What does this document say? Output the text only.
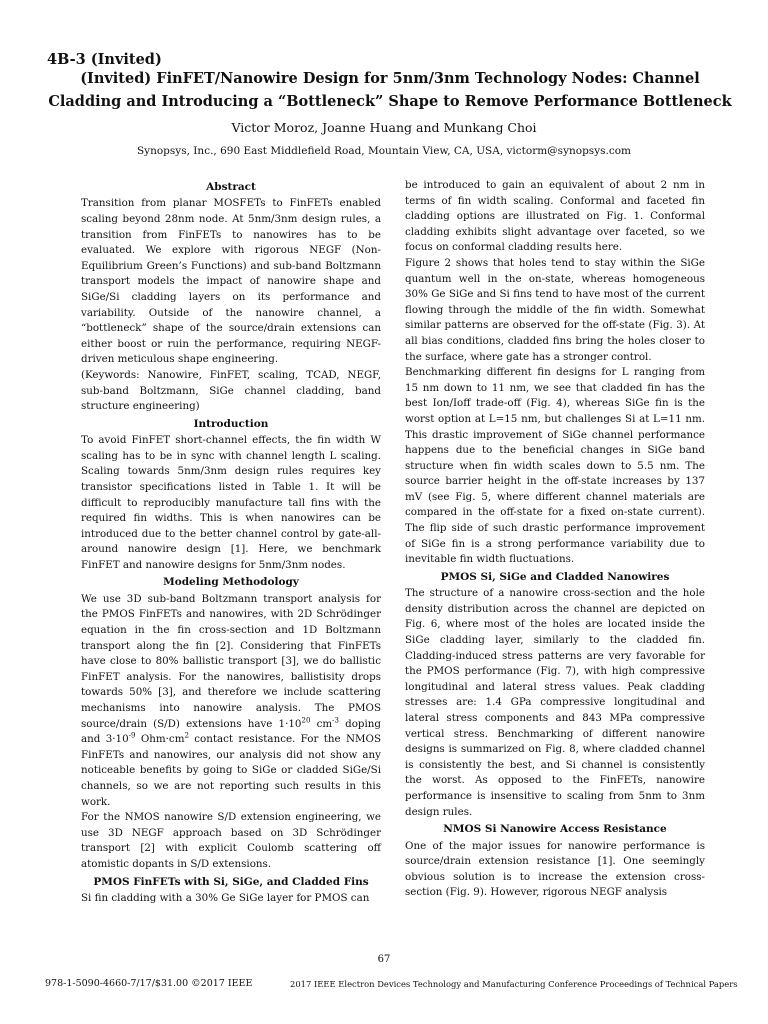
4B-3 (Invited)
(Invited) FinFET/Nanowire Design for 5nm/3nm Technology Nodes: Channel
Cladding and Introducing a “Bottleneck” Shape to Remove Performance Bottleneck
Victor Moroz, Joanne Huang and Munkang Choi
Synopsys, Inc., 690 East Middlefield Road, Mountain View, CA, USA, victorm@synopsys.com
Abstract

Transition from planar MOSFETs to FinFETs enabled scaling beyond 28nm node. At 5nm/3nm design rules, a transition from FinFETs to nanowires has to be evaluated. We explore with rigorous NEGF (Non-Equilibrium Green’s Functions) and sub-band Boltzmann transport models the impact of nanowire shape and SiGe/Si cladding layers on its performance and variability. Outside of the nanowire channel, a “bottleneck” shape of the source/drain extensions can either boost or ruin the performance, requiring NEGF-driven meticulous shape engineering.

(Keywords: Nanowire, FinFET, scaling, TCAD, NEGF, sub-band Boltzmann, SiGe channel cladding, band structure engineering)

Introduction

To avoid FinFET short-channel effects, the fin width W scaling has to be in sync with channel length L scaling. Scaling towards 5nm/3nm design rules requires key transistor specifications listed in Table 1. It will be difficult to reproducibly manufacture tall fins with the required fin widths. This is when nanowires can be introduced due to the better channel control by gate-all-around nanowire design [1]. Here, we benchmark FinFET and nanowire designs for 5nm/3nm nodes.

Modeling Methodology

We use 3D sub-band Boltzmann transport analysis for the PMOS FinFETs and nanowires, with 2D Schrödinger equation in the fin cross-section and 1D Boltzmann transport along the fin [2]. Considering that FinFETs have close to 80% ballistic transport [3], we do ballistic FinFET analysis. For the nanowires, ballistisity drops towards 50% [3], and therefore we include scattering mechanisms into nanowire analysis. The PMOS source/drain (S/D) extensions have $1\cdot 10^{20}$ $cm^{-3}$ doping and $3\cdot 10^{-9}$ $Ohm\cdot cm^2$ contact resistance. For the NMOS FinFETs and nanowires, our analysis did not show any noticeable benefits by going to SiGe or cladded SiGe/Si channels, so we are not reporting such results in this work.

For the NMOS nanowire S/D extension engineering, we use 3D NEGF approach based on 3D Schrödinger transport [2] with explicit Coulomb scattering off atomistic dopants in S/D extensions.

PMOS FinFETs with Si, SiGe, and Cladded Fins

Si fin cladding with a 30% Ge SiGe layer for PMOS can

be introduced to gain an equivalent of about 2 nm in terms of fin width scaling. Conformal and faceted fin cladding options are illustrated on Fig. 1. Conformal cladding exhibits slight advantage over faceted, so we focus on conformal cladding results here.

Figure 2 shows that holes tend to stay within the SiGe quantum well in the on-state, whereas homogeneous 30% Ge SiGe and Si fins tend to have most of the current flowing through the middle of the fin width. Somewhat similar patterns are observed for the off-state (Fig. 3). At all bias conditions, cladded fins bring the holes closer to the surface, where gate has a stronger control.

Benchmarking different fin designs for L ranging from 15 nm down to 11 nm, we see that cladded fin has the best Ion/Ioff trade-off (Fig. 4), whereas SiGe fin is the worst option at L=15 nm, but challenges Si at L=11 nm. This drastic improvement of SiGe channel performance happens due to the beneficial changes in SiGe band structure when fin width scales down to 5.5 nm. The source barrier height in the off-state increases by 137 mV (see Fig. 5, where different channel materials are compared in the off-state for a fixed on-state current). The flip side of such drastic performance improvement of SiGe fin is a strong performance variability due to inevitable fin width fluctuations.

PMOS Si, SiGe and Cladded Nanowires

The structure of a nanowire cross-section and the hole density distribution across the channel are depicted on Fig. 6, where most of the holes are located inside the SiGe cladding layer, similarly to the cladded fin. Cladding-induced stress patterns are very favorable for the PMOS performance (Fig. 7), with high compressive longitudinal and lateral stress values. Peak cladding stresses are: 1.4 GPa compressive longitudinal and lateral stress components and 843 MPa compressive vertical stress. Benchmarking of different nanowire designs is summarized on Fig. 8, where cladded channel is consistently the best, and Si channel is consistently the worst. As opposed to the FinFETs, nanowire performance is insensitive to scaling from 5nm to 3nm design rules.

NMOS Si Nanowire Access Resistance

One of the major issues for nanowire performance is source/drain extension resistance [1]. One seemingly obvious solution is to increase the extension cross-section (Fig. 9). However, rigorous NEGF analysis

67
978-1-5090-4660-7/17/$31.00 ©2017 IEEE	2017 IEEE Electron Devices Technology and Manufacturing Conference Proceedings of Technical Papers
